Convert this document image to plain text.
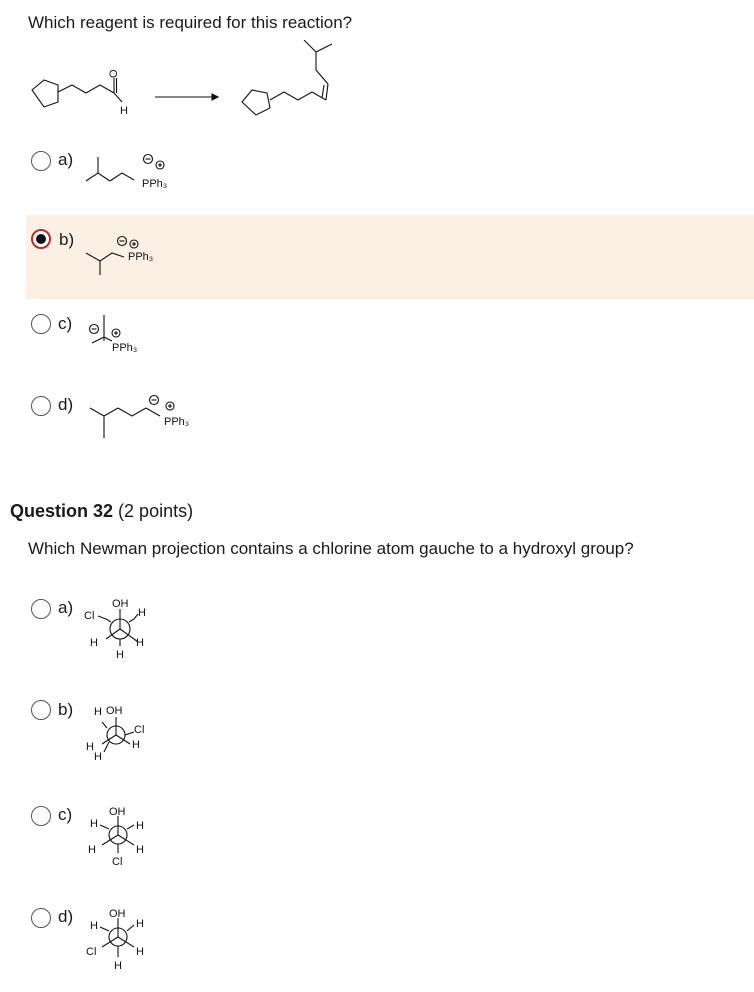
Which reagent is required for this reaction?
O
H
a)
PPh₃
b)
PPh₃
c)
PPh₃
d)
PPh₃
Question 32 (2 points)
Which Newman projection contains a chlorine atom gauche to a hydroxyl group?
a)	OH
Cl	H
H
H
H
b) H OH
Cl
H
H
H
c)	OH
H	H
H	H
Cl
d)	OH
H	H
Cl	H
H
